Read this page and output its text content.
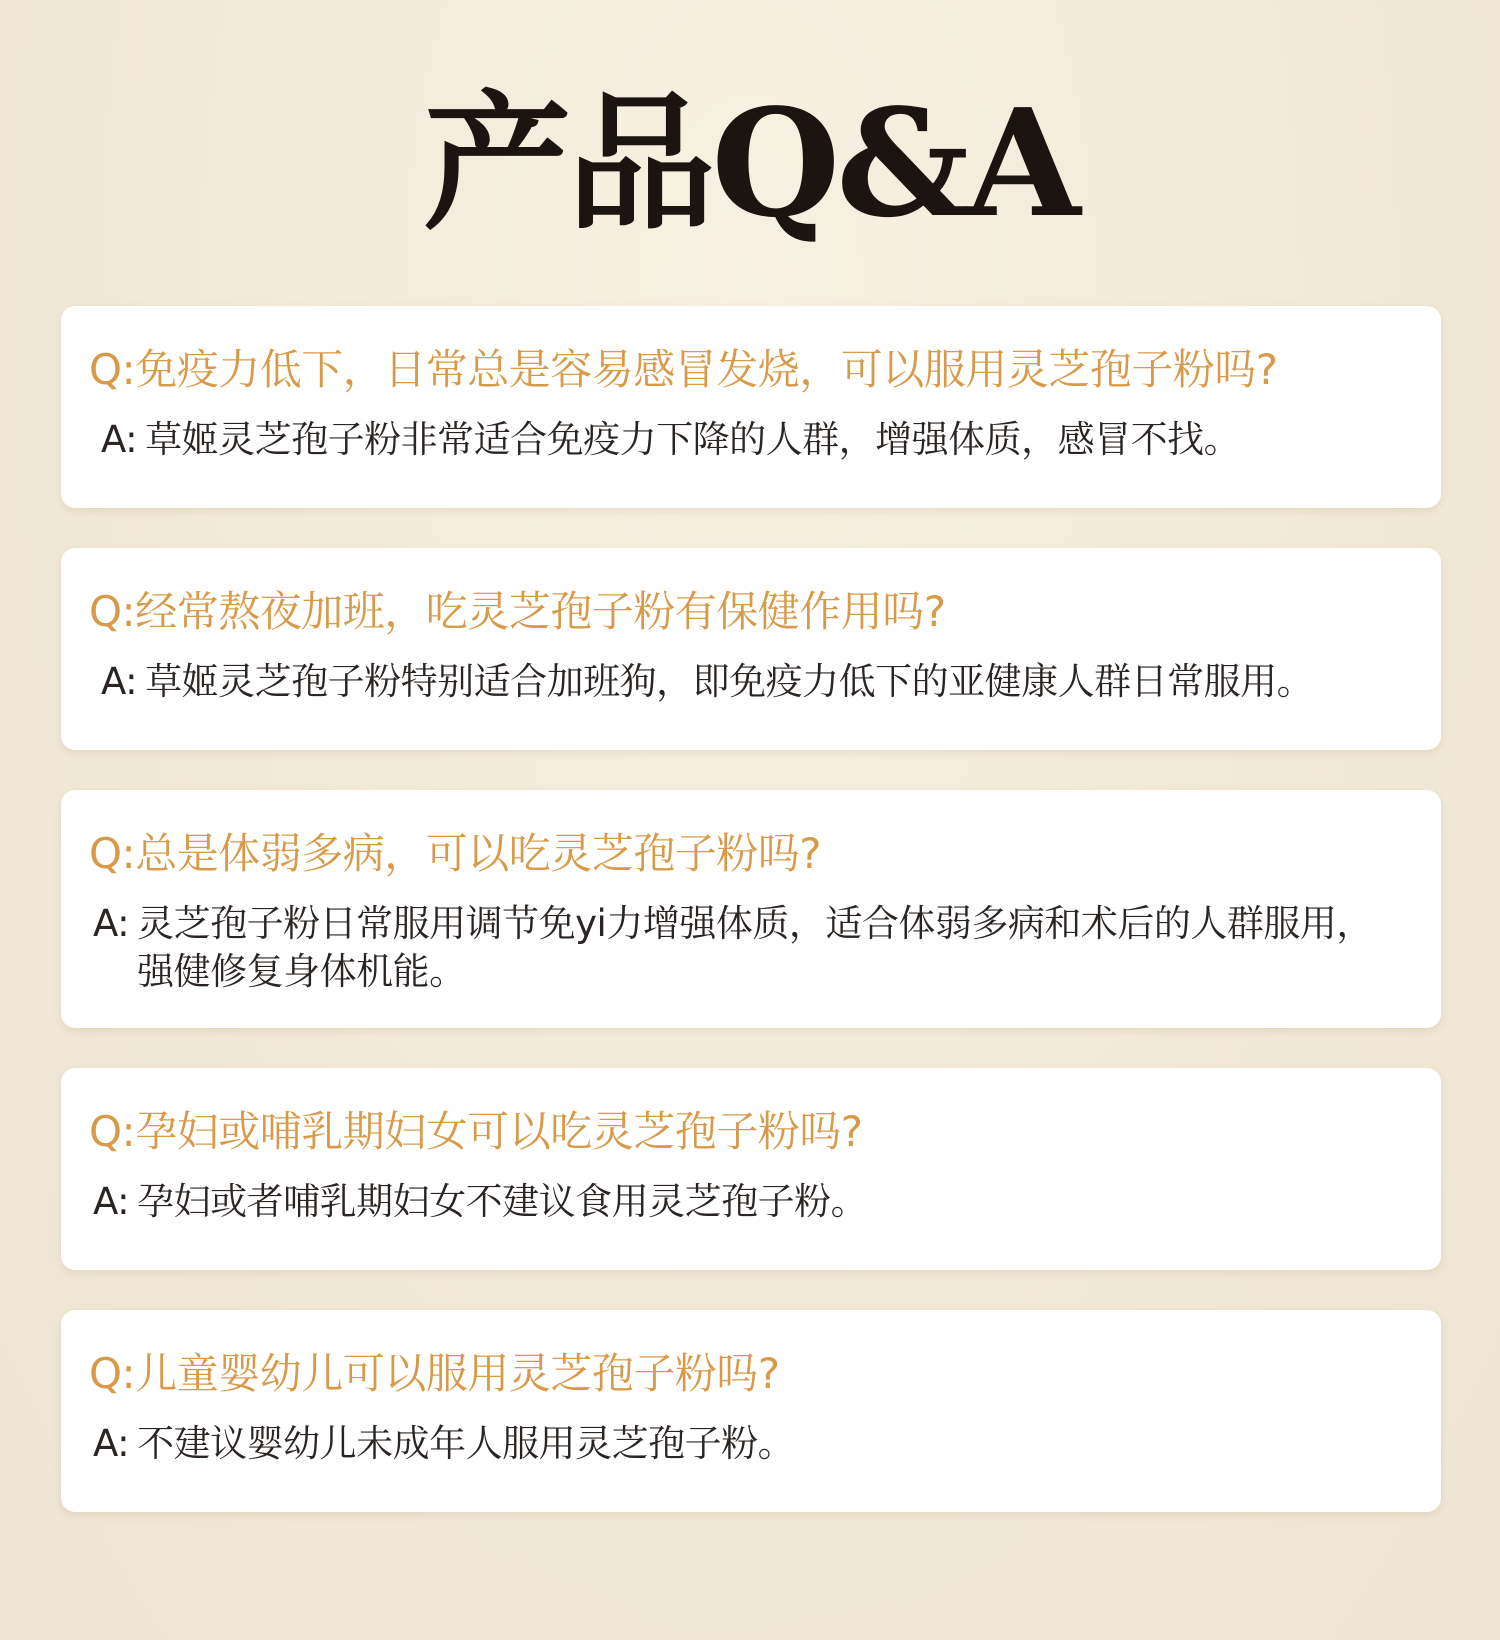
产品Q&A
Q:免疫力低下，日常总是容易感冒发烧，可以服用灵芝孢子粉吗?
A: 草姬灵芝孢子粉非常适合免疫力下降的人群，增强体质，感冒不找。
Q:经常熬夜加班，吃灵芝孢子粉有保健作用吗?
A: 草姬灵芝孢子粉特别适合加班狗，即免疫力低下的亚健康人群日常服用。
Q:总是体弱多病，可以吃灵芝孢子粉吗?
A: 灵芝孢子粉日常服用调节免yi力增强体质，适合体弱多病和术后的人群服用，强健修复身体机能。
Q:孕妇或哺乳期妇女可以吃灵芝孢子粉吗?
A: 孕妇或者哺乳期妇女不建议食用灵芝孢子粉。
Q:儿童婴幼儿可以服用灵芝孢子粉吗?
A: 不建议婴幼儿未成年人服用灵芝孢子粉。
